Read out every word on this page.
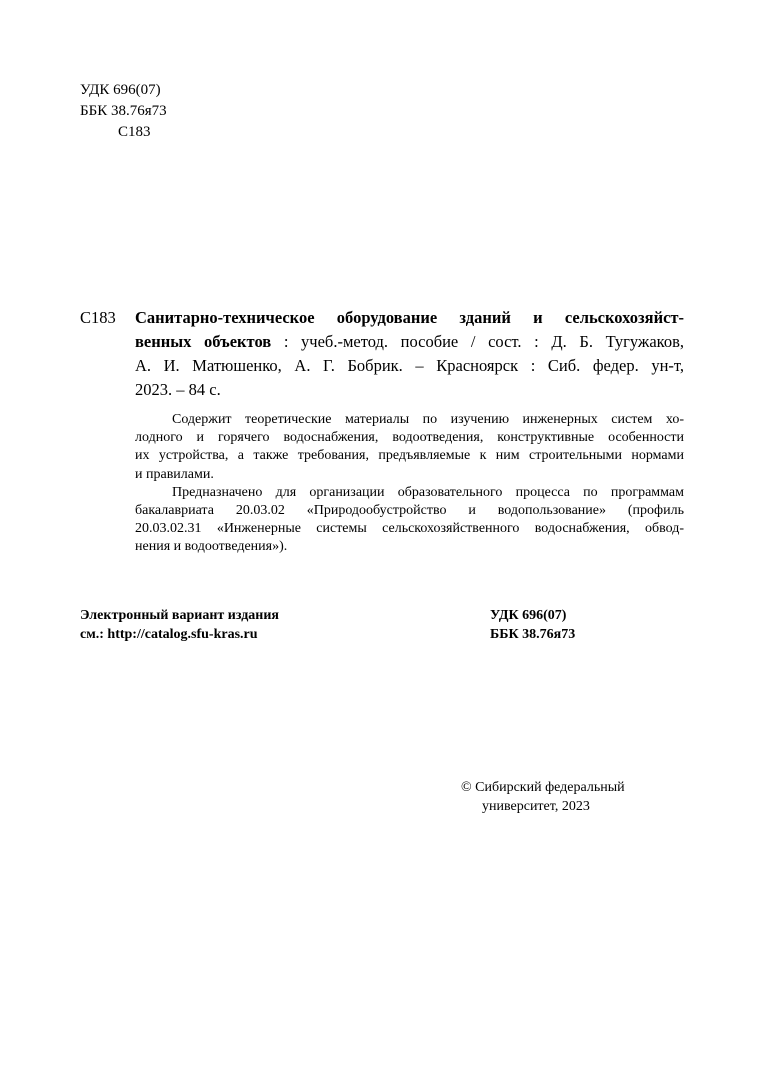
УДК 696(07)
ББК 38.76я73
С183
С183 Санитарно-техническое оборудование зданий и сельскохозяйст-
венных объектов : учеб.-метод. пособие / сост. : Д. Б. Тугужаков,
А. И. Матюшенко, А. Г. Бобрик. – Красноярск : Сиб. федер. ун-т,
2023. – 84 с.
Содержит теоретические материалы по изучению инженерных систем хо-
лодного и горячего водоснабжения, водоотведения, конструктивные особенности
их устройства, а также требования, предъявляемые к ним строительными нормами
и правилами.
Предназначено для организации образовательного процесса по программам
бакалавриата 20.03.02 «Природообустройство и водопользование» (профиль
20.03.02.31 «Инженерные системы сельскохозяйственного водоснабжения, обвод-
нения и водоотведения»).
Электронный вариант издания
см.: http://catalog.sfu-kras.ru
УДК 696(07)
ББК 38.76я73
© Сибирский федеральный
университет, 2023
